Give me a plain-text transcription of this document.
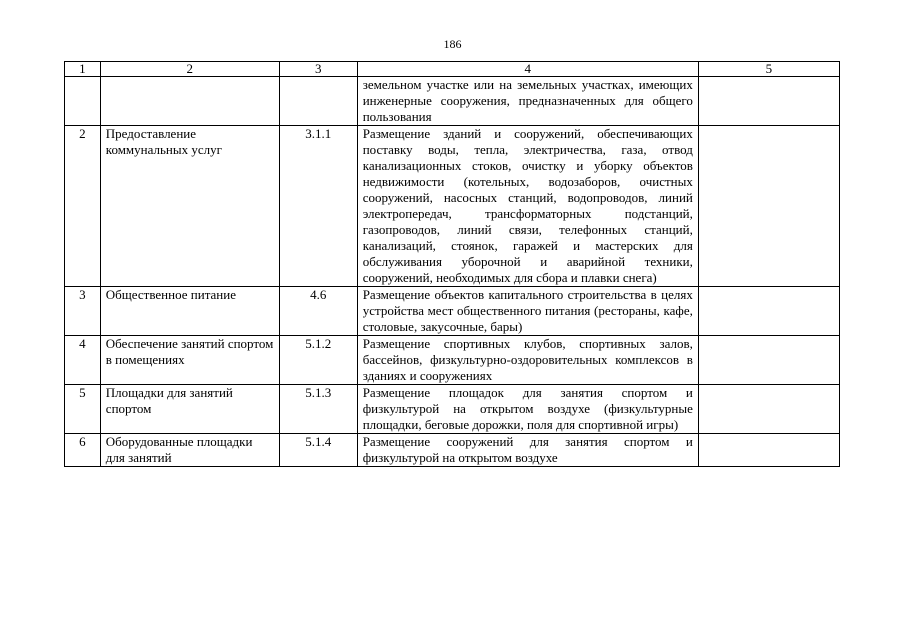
186
1	2	3	4	5
			земельном участке или на земельных участках, имеющих инженерные сооружения, предназначенных для общего пользования	
2	Предоставление коммунальных услуг	3.1.1	Размещение зданий и сооружений, обеспечивающих поставку воды, тепла, электричества, газа, отвод канализационных стоков, очистку и уборку объектов недвижимости (котельных, водозаборов, очистных сооружений, насосных станций, водопроводов, линий электропередач, трансформаторных подстанций, газопроводов, линий связи, телефонных станций, канализаций, стоянок, гаражей и мастерских для обслуживания уборочной и аварийной техники, сооружений, необходимых для сбора и плавки снега)	
3	Общественное питание	4.6	Размещение объектов капитального строительства в целях устройства мест общественного питания (рестораны, кафе, столовые, закусочные, бары)	
4	Обеспечение занятий спортом в помещениях	5.1.2	Размещение спортивных клубов, спортивных залов, бассейнов, физкультурно-оздоровительных комплексов в зданиях и сооружениях	
5	Площадки для занятий спортом	5.1.3	Размещение площадок для занятия спортом и физкультурой на открытом воздухе (физкультурные площадки, беговые дорожки, поля для спортивной игры)	
6	Оборудованные площадки для занятий	5.1.4	Размещение сооружений для занятия спортом и физкультурой на открытом воздухе	
